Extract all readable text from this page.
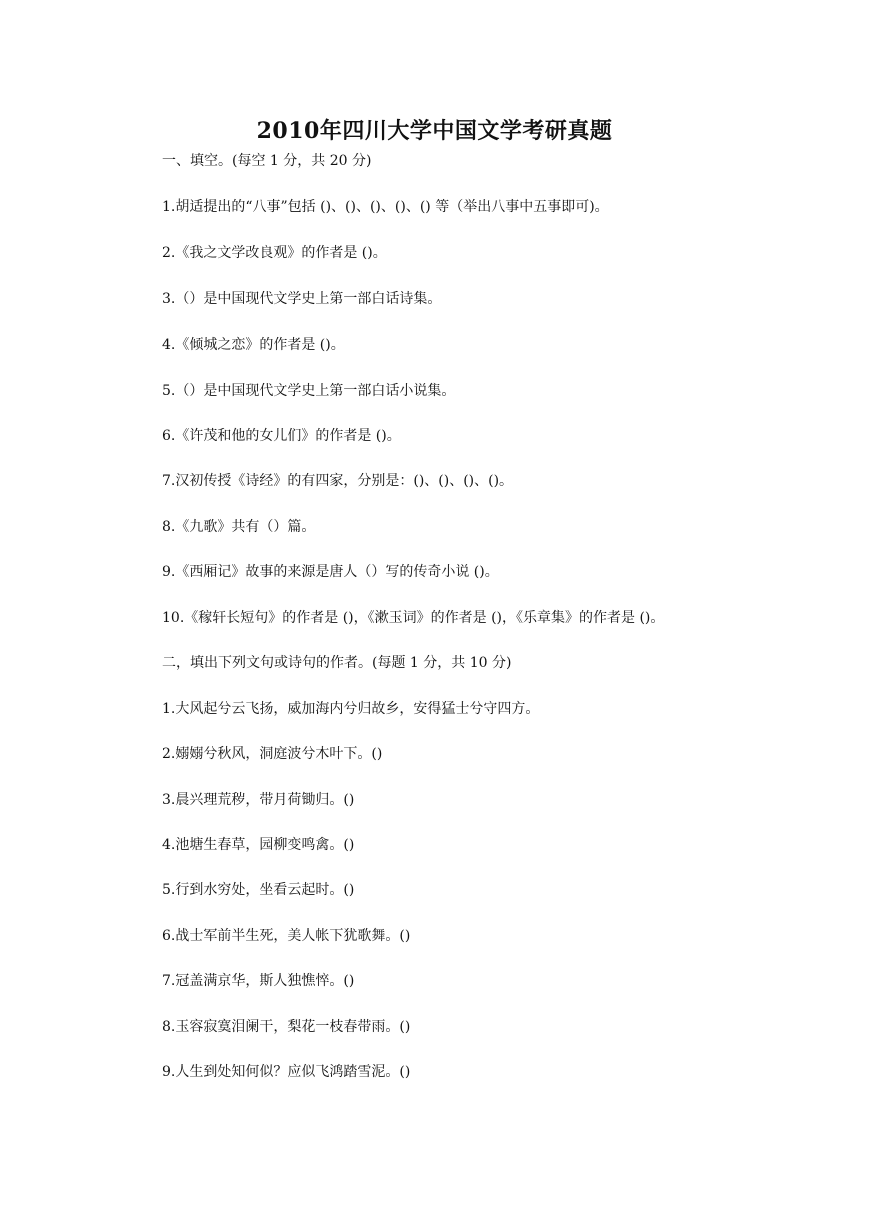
2010年四川大学中国文学考研真题
一、填空。(每空 1 分，共 20 分)
1.胡适提出的“八事”包括 ()、()、()、()、() 等（举出八事中五事即可)。
2.《我之文学改良观》的作者是 ()。
3.（）是中国现代文学史上第一部白话诗集。
4.《倾城之恋》的作者是 ()。
5.（）是中国现代文学史上第一部白话小说集。
6.《许茂和他的女儿们》的作者是 ()。
7.汉初传授《诗经》的有四家，分别是：()、()、()、()。
8.《九歌》共有（）篇。
9.《西厢记》故事的来源是唐人（）写的传奇小说 ()。
10.《稼轩长短句》的作者是 ()，《漱玉词》的作者是 ()，《乐章集》的作者是 ()。
二，填出下列文句或诗句的作者。(每题 1 分，共 10 分)
1.大风起兮云飞扬，威加海内兮归故乡，安得猛士兮守四方。
2.嫋嫋兮秋风，洞庭波兮木叶下。()
3.晨兴理荒秽，带月荷锄归。()
4.池塘生春草，园柳变鸣禽。()
5.行到水穷处，坐看云起时。()
6.战士军前半生死，美人帐下犹歌舞。()
7.冠盖满京华，斯人独憔悴。()
8.玉容寂寞泪阑干，梨花一枝春带雨。()
9.人生到处知何似？应似飞鸿踏雪泥。()
